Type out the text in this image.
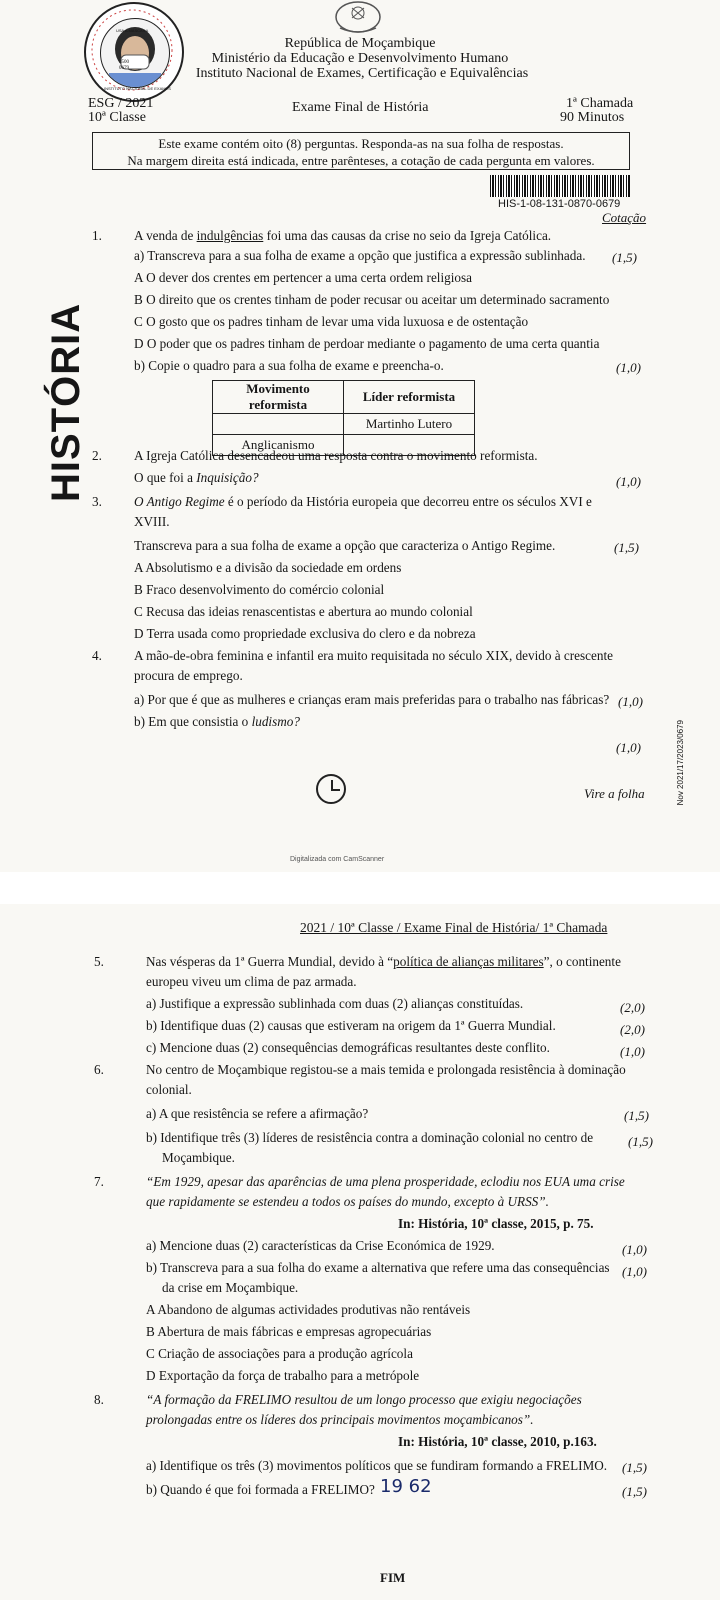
USA A MÁSCARA
INSTITUTO NACIONAL DE EXAMES
3500
0679
República de Moçambique
Ministério da Educação e Desenvolvimento Humano
Instituto Nacional de Exames, Certificação e Equivalências
ESG / 2021
10ª Classe
Exame Final de História	1ª Chamada
90 Minutos
Este exame contém oito (8) perguntas. Responda-as na sua folha de respostas.
Na margem direita está indicada, entre parênteses, a cotação de cada pergunta em valores.
HIS-1-08-131-0870-0679
Cotação
HISTÓRIA
1. A venda de indulgências foi uma das causas da crise no seio da Igreja Católica.
a) Transcreva para a sua folha de exame a opção que justifica a expressão sublinhada. (1,5)
A O dever dos crentes em pertencer a uma certa ordem religiosa
B O direito que os crentes tinham de poder recusar ou aceitar um determinado sacramento
C O gosto que os padres tinham de levar uma vida luxuosa e de ostentação
D O poder que os padres tinham de perdoar mediante o pagamento de uma certa quantia
b) Copie o quadro para a sua folha de exame e preencha-o.	(1,0)
Movimento reformista	Líder reformista
	Martinho Lutero
Anglicanismo	
2. A Igreja Católica desencadeou uma resposta contra o movimento reformista.
O que foi a Inquisição?	(1,0)
3. O Antigo Regime é o período da História europeia que decorreu entre os séculos XVI e
XVIII.
Transcreva para a sua folha de exame a opção que caracteriza o Antigo Regime.	(1,5)
A Absolutismo e a divisão da sociedade em ordens
B Fraco desenvolvimento do comércio colonial
C Recusa das ideias renascentistas e abertura ao mundo colonial
D Terra usada como propriedade exclusiva do clero e da nobreza
4. A mão-de-obra feminina e infantil era muito requisitada no século XIX, devido à crescente
procura de emprego.
a) Por que é que as mulheres e crianças eram mais preferidas para o trabalho nas fábricas? (1,0)
b) Em que consistia o ludismo?
(1,0)
Vire a folha	Nov 2021/17/2023/0679
Digitalizada com CamScanner
2021 / 10ª Classe / Exame Final de História/ 1ª Chamada
5.	Nas vésperas da 1ª Guerra Mundial, devido à “política de alianças militares”, o continente
europeu viveu um clima de paz armada.
a) Justifique a expressão sublinhada com duas (2) alianças constituídas.	(2,0)
b) Identifique duas (2) causas que estiveram na origem da 1ª Guerra Mundial.	(2,0)
c) Mencione duas (2) consequências demográficas resultantes deste conflito.	(1,0)
6.	No centro de Moçambique registou-se a mais temida e prolongada resistência à dominação
colonial.
a) A que resistência se refere a afirmação?	(1,5)
b) Identifique três (3) líderes de resistência contra a dominação colonial no centro de
Moçambique.
(1,5)
7.	“Em 1929, apesar das aparências de uma plena prosperidade, eclodiu nos EUA uma crise
que rapidamente se estendeu a todos os países do mundo, excepto à URSS”.
In: História, 10ª classe, 2015, p. 75.
a) Mencione duas (2) características da Crise Económica de 1929.	(1,0)
b) Transcreva para a sua folha do exame a alternativa que refere uma das consequências
da crise em Moçambique.
(1,0)
A Abandono de algumas actividades produtivas não rentáveis
B Abertura de mais fábricas e empresas agropecuárias
C Criação de associações para a produção agrícola
D Exportação da força de trabalho para a metrópole
8.	“A formação da FRELIMO resultou de um longo processo que exigiu negociações
prolongadas entre os líderes dos principais movimentos moçambicanos”.
In: História, 10ª classe, 2010, p.163.
a) Identifique os três (3) movimentos políticos que se fundiram formando a FRELIMO. (1,5)
b) Quando é que foi formada a FRELIMO? 19 62	(1,5)
FIM
